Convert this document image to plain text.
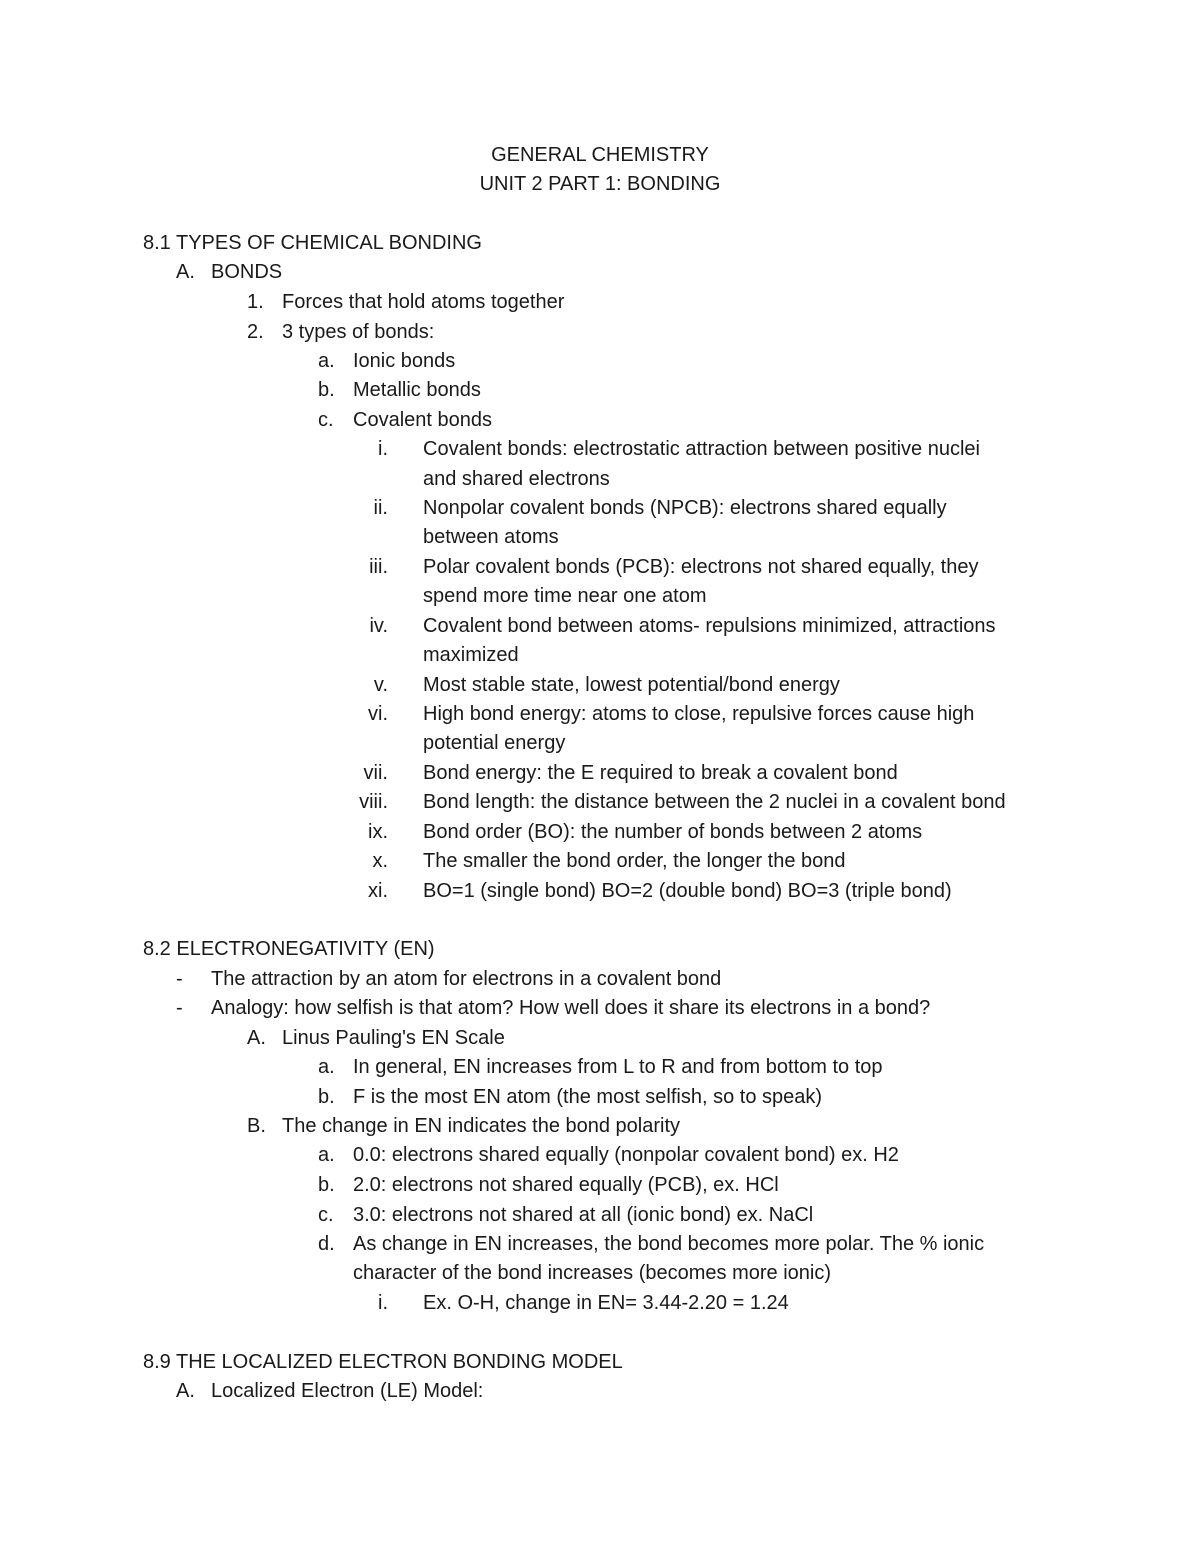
GENERAL CHEMISTRY
UNIT 2 PART 1: BONDING
8.1 TYPES OF CHEMICAL BONDING
A. BONDS
1. Forces that hold atoms together
2. 3 types of bonds:
a. Ionic bonds
b. Metallic bonds
c. Covalent bonds
i. Covalent bonds: electrostatic attraction between positive nuclei
and shared electrons
ii. Nonpolar covalent bonds (NPCB): electrons shared equally
between atoms
iii. Polar covalent bonds (PCB): electrons not shared equally, they
spend more time near one atom
iv. Covalent bond between atoms- repulsions minimized, attractions
maximized
v. Most stable state, lowest potential/bond energy
vi. High bond energy: atoms to close, repulsive forces cause high
potential energy
vii. Bond energy: the E required to break a covalent bond
viii. Bond length: the distance between the 2 nuclei in a covalent bond
ix. Bond order (BO): the number of bonds between 2 atoms
x. The smaller the bond order, the longer the bond
xi. BO=1 (single bond) BO=2 (double bond) BO=3 (triple bond)
8.2 ELECTRONEGATIVITY (EN)
- The attraction by an atom for electrons in a covalent bond
- Analogy: how selfish is that atom? How well does it share its electrons in a bond?
A. Linus Pauling's EN Scale
a. In general, EN increases from L to R and from bottom to top
b. F is the most EN atom (the most selfish, so to speak)
B. The change in EN indicates the bond polarity
a. 0.0: electrons shared equally (nonpolar covalent bond) ex. H2
b. 2.0: electrons not shared equally (PCB), ex. HCl
c. 3.0: electrons not shared at all (ionic bond) ex. NaCl
d. As change in EN increases, the bond becomes more polar. The % ionic
character of the bond increases (becomes more ionic)
i. Ex. O-H, change in EN= 3.44-2.20 = 1.24
8.9 THE LOCALIZED ELECTRON BONDING MODEL
A. Localized Electron (LE) Model:
